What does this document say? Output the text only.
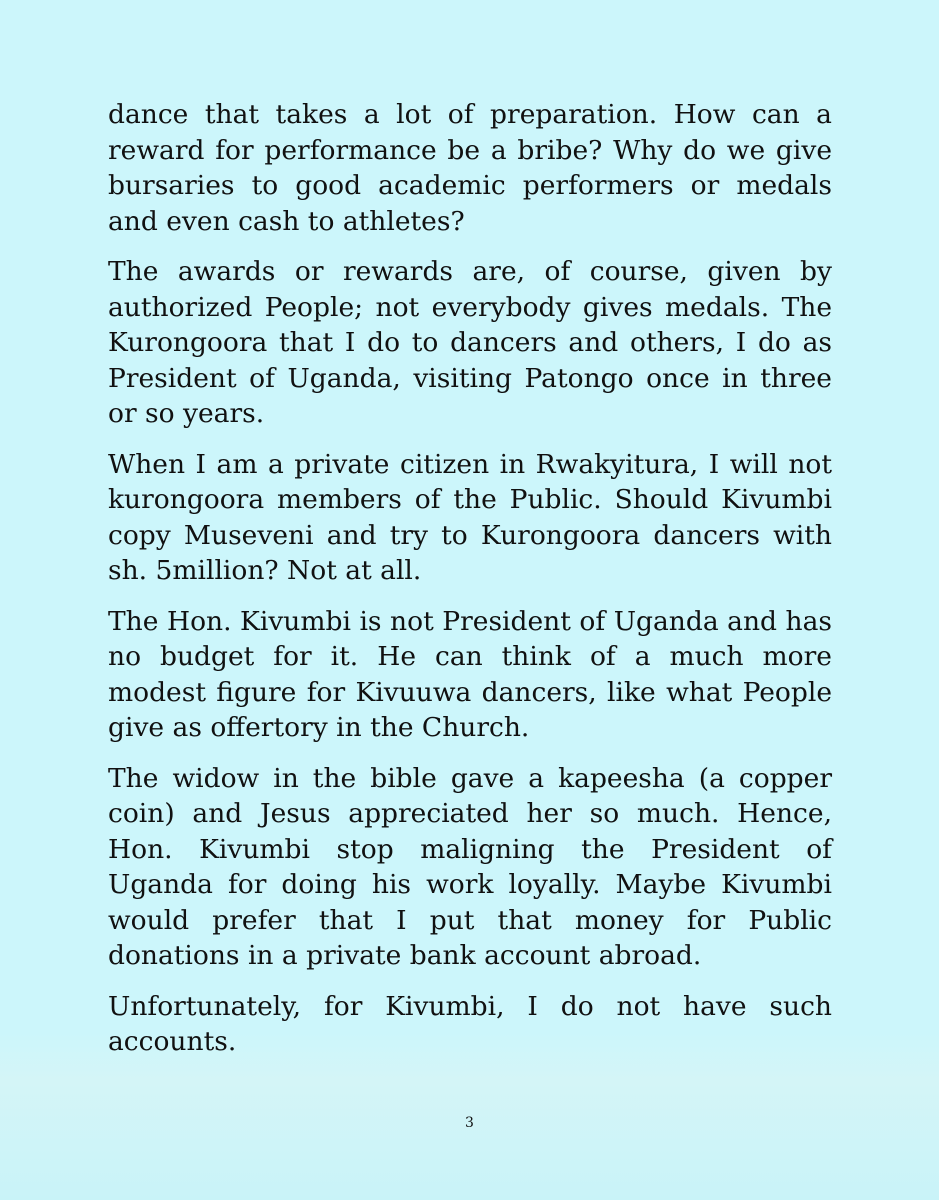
dance that takes a lot of preparation. How can a reward for performance be a bribe? Why do we give bursaries to good academic performers or medals and even cash to athletes?

The awards or rewards are, of course, given by authorized People; not everybody gives medals. The Kurongoora that I do to dancers and others, I do as President of Uganda, visiting Patongo once in three or so years.

When I am a private citizen in Rwakyitura, I will not kurongoora members of the Public. Should Kivumbi copy Museveni and try to Kurongoora dancers with sh. 5million? Not at all.

The Hon. Kivumbi is not President of Uganda and has no budget for it. He can think of a much more modest figure for Kivuuwa dancers, like what People give as offertory in the Church.

The widow in the bible gave a kapeesha (a copper coin) and Jesus appreciated her so much. Hence, Hon. Kivumbi stop maligning the President of Uganda for doing his work loyally. Maybe Kivumbi would prefer that I put that money for Public donations in a private bank account abroad.

Unfortunately, for Kivumbi, I do not have such accounts.

3
